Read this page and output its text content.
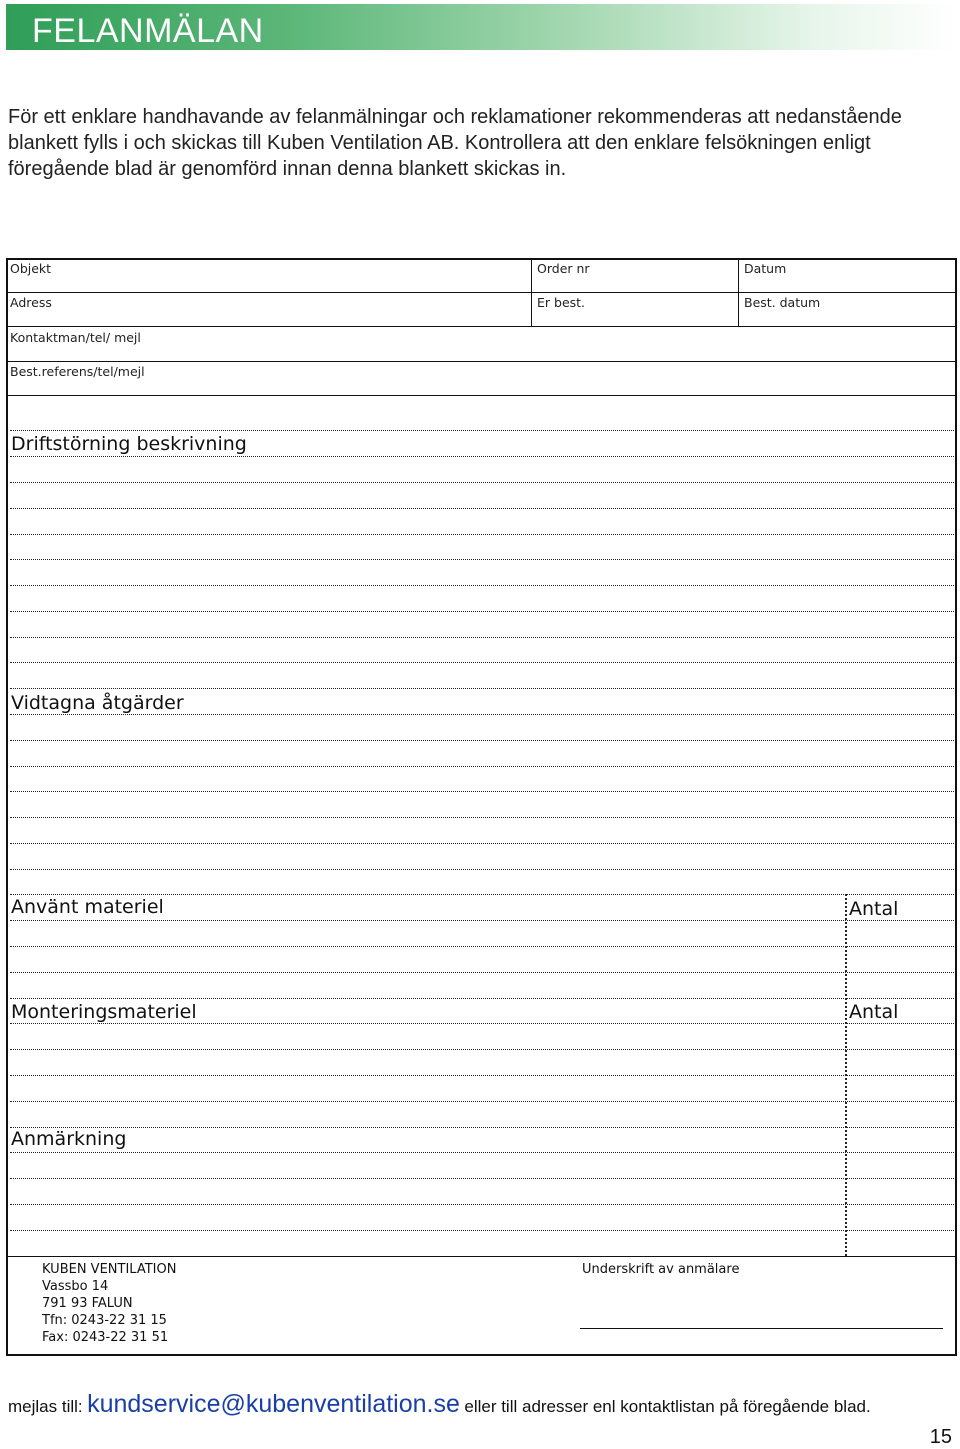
FELANMÄLAN
För ett enklare handhavande av felanmälningar och reklamationer rekommenderas att nedanstående blankett fylls i och skickas till Kuben Ventilation AB. Kontrollera att den enklare felsökningen enligt föregående blad är genomförd innan denna blankett skickas in.
Objekt	Order nr	Datum
Adress	Er best.	Best. datum
Kontaktman/tel/ mejl
Best.referens/tel/mejl
Driftstörning beskrivning
Vidtagna åtgärder
Använt materiel	Antal
Monteringsmateriel	Antal
Anmärkning
KUBEN VENTILATION
Vassbo 14
791 93 FALUN
Tfn: 0243-22 31 15
Fax: 0243-22 31 51
Underskrift av anmälare
mejlas till: kundservice@kubenventilation.se eller till adresser enl kontaktlistan på föregående blad.
15
